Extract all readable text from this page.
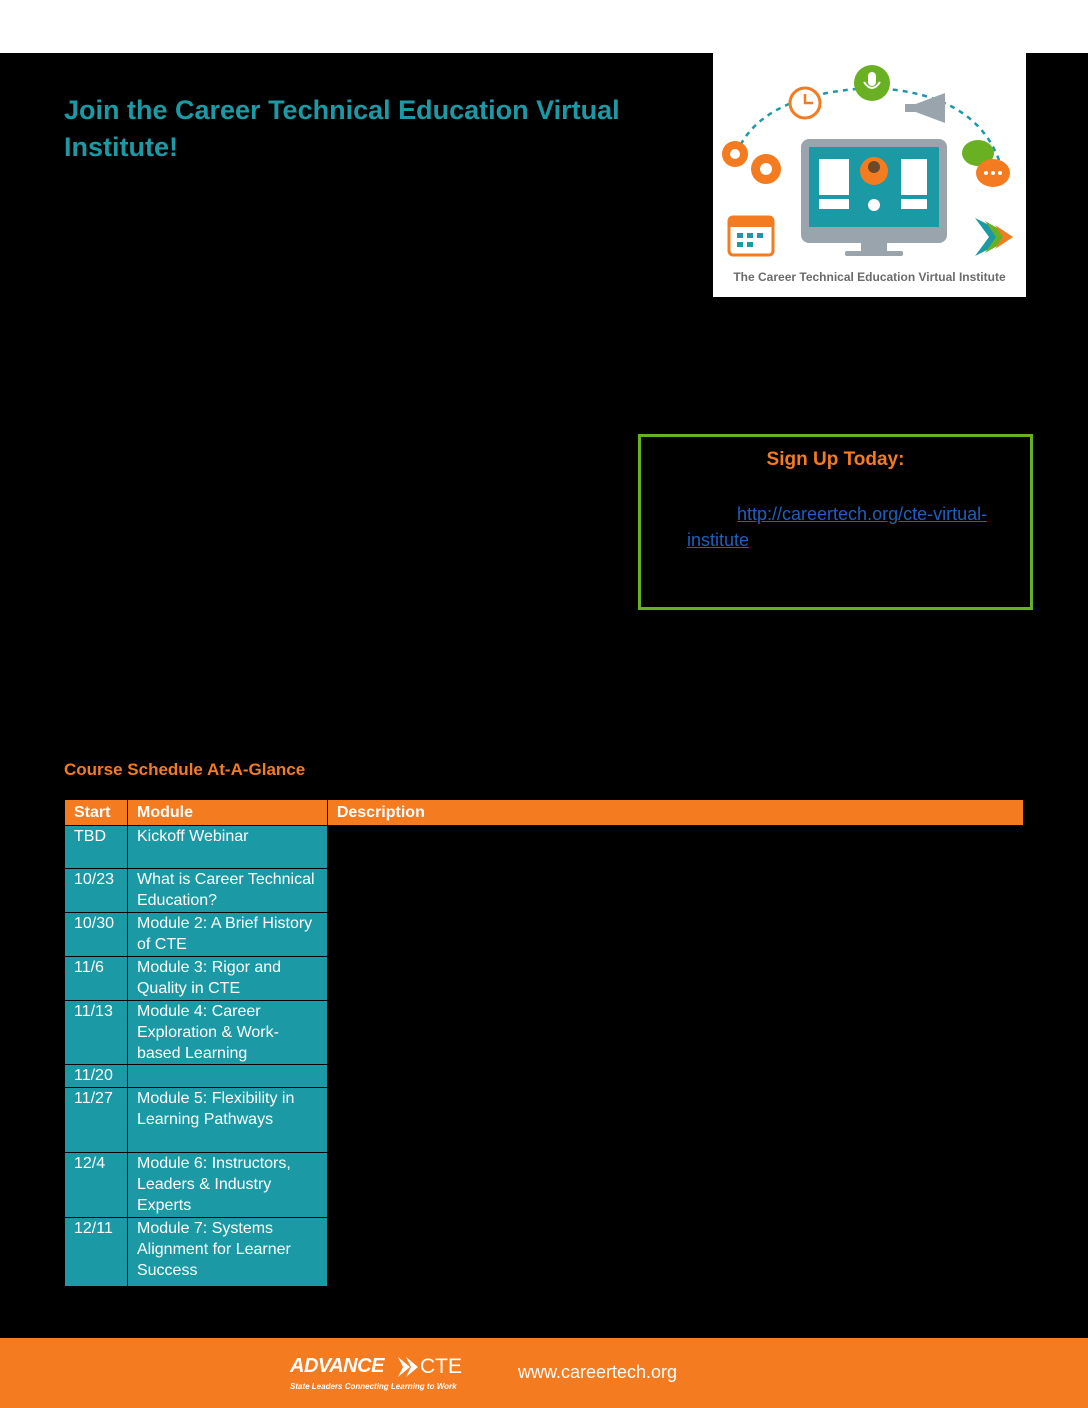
Join the Career Technical Education Virtual Institute!
The Career Technical Education Virtual Institute
Sign Up Today:
http://careertech.org/cte-virtual-institute
Course Schedule At-A-Glance
Start	Module	Description
TBD	Kickoff Webinar	
10/23	What is Career Technical Education?	
10/30	Module 2: A Brief History of CTE	
11/6	Module 3: Rigor and Quality in CTE	
11/13	Module 4: Career Exploration & Work-based Learning	
11/20		
11/27	Module 5: Flexibility in Learning Pathways	
12/4	Module 6: Instructors, Leaders & Industry Experts	
12/11	Module 7: Systems Alignment for Learner Success	
ADVANCE CTE
State Leaders Connecting Learning to Work
www.careertech.org
